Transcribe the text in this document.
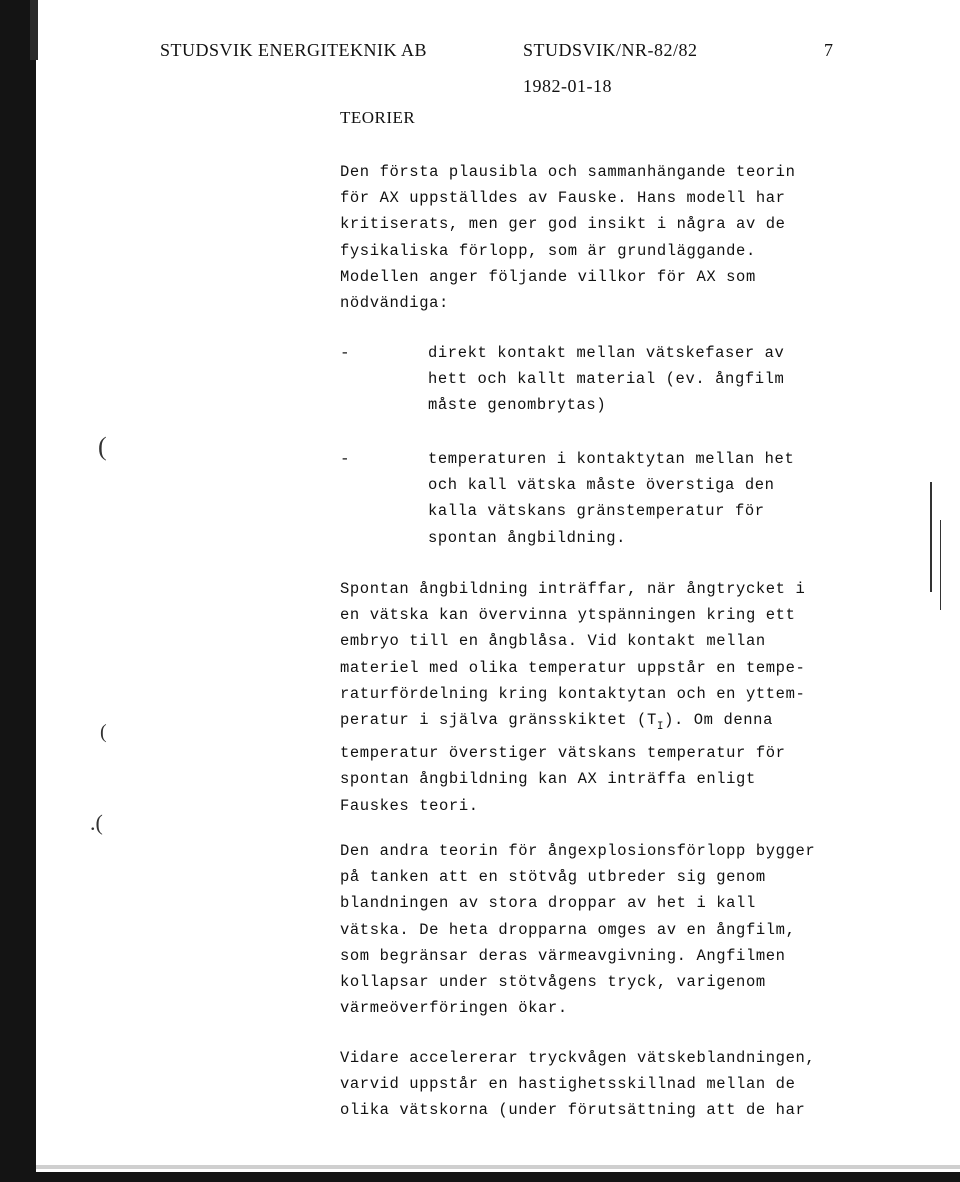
(
(
.(
STUDSVIK ENERGITEKNIK AB	STUDSVIK/NR-82/82	7
1982-01-18
TEORIER
Den första plausibla och sammanhängande teorin
för AX uppställdes av Fauske. Hans modell har
kritiserats, men ger god insikt i några av de
fysikaliska förlopp, som är grundläggande.
Modellen anger följande villkor för AX som
nödvändiga:
-	direkt kontakt mellan vätskefaser av
hett och kallt material (ev. ångfilm
måste genombrytas)
-	temperaturen i kontaktytan mellan het
och kall vätska måste överstiga den
kalla vätskans gränstemperatur för
spontan ångbildning.
Spontan ångbildning inträffar, när ångtrycket i
en vätska kan övervinna ytspänningen kring ett
embryo till en ångblåsa. Vid kontakt mellan
materiel med olika temperatur uppstår en tempe-
raturfördelning kring kontaktytan och en yttem-
peratur i själva gränsskiktet $(T_I)$. Om denna
temperatur överstiger vätskans temperatur för
spontan ångbildning kan AX inträffa enligt
Fauskes teori.
Den andra teorin för ångexplosionsförlopp bygger
på tanken att en stötvåg utbreder sig genom
blandningen av stora droppar av het i kall
vätska. De heta dropparna omges av en ångfilm,
som begränsar deras värmeavgivning. Angfilmen
kollapsar under stötvågens tryck, varigenom
värmeöverföringen ökar.
Vidare accelererar tryckvågen vätskeblandningen,
varvid uppstår en hastighetsskillnad mellan de
olika vätskorna (under förutsättning att de har
